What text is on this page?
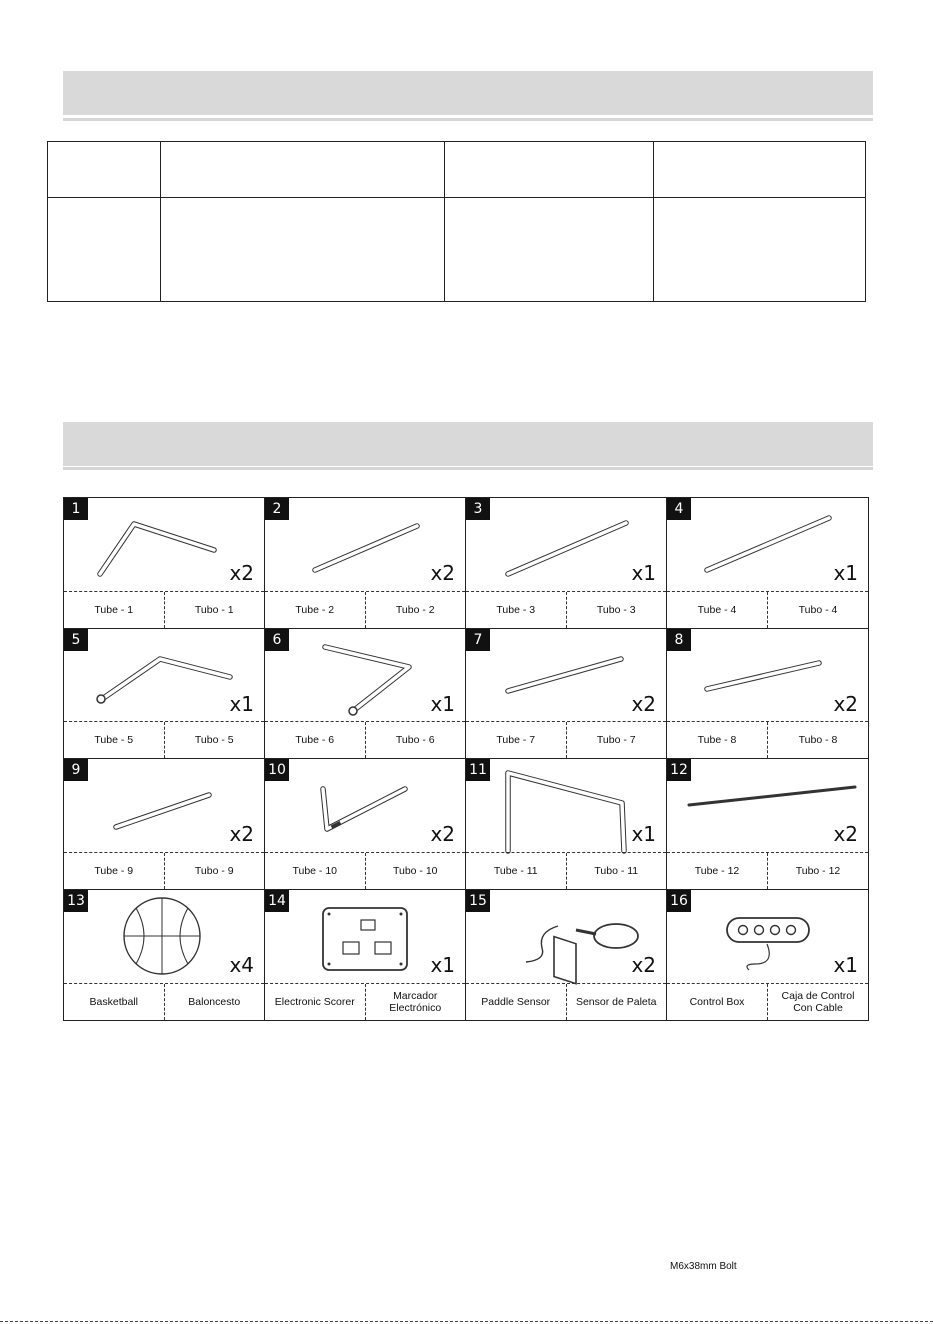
1
x2
Tube - 1	Tubo - 1
2
x2
Tube - 2	Tubo - 2
3
x1
Tube - 3	Tubo - 3
4
x1
Tube - 4	Tubo - 4
5
x1
Tube - 5	Tubo - 5
6
x1
Tube - 6	Tubo - 6
7
x2
Tube - 7	Tubo - 7
8
x2
Tube - 8	Tubo - 8
9
x2
Tube - 9	Tubo - 9
10
x2
Tube - 10	Tubo - 10
11
x1
Tube - 11	Tubo - 11
12
x2
Tube - 12	Tubo - 12
13
x4
Basketball	Baloncesto
14
x1
Electronic Scorer	Marcador Electrónico
15
x2
Paddle Sensor	Sensor de Paleta
16
x1
Control Box	Caja de Control Con Cable
M6x38mm Bolt
